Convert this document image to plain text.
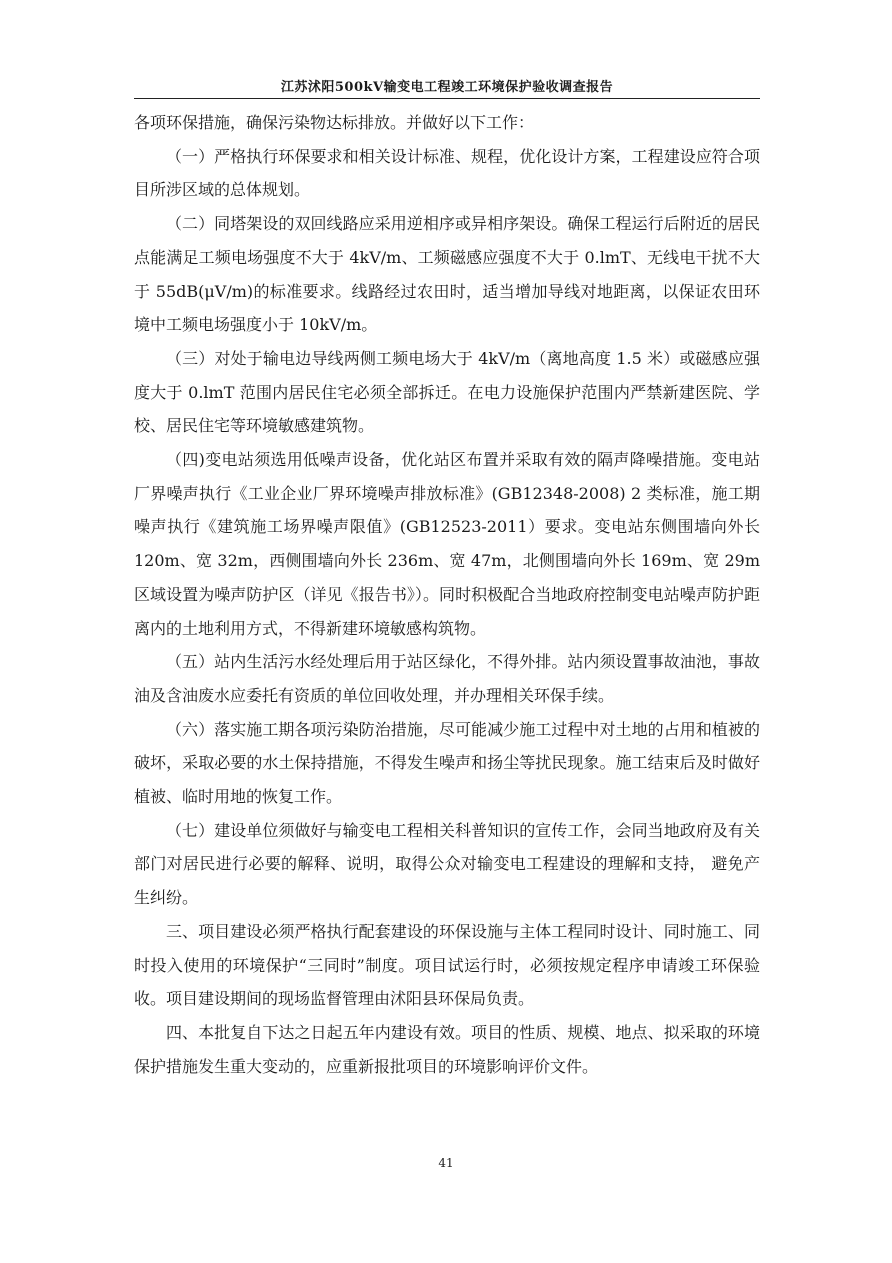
江苏沭阳500kV输变电工程竣工环境保护验收调查报告

各项环保措施，确保污染物达标排放。并做好以下工作：

（一）严格执行环保要求和相关设计标准、规程，优化设计方案，工程建设应符合项目所涉区域的总体规划。

（二）同塔架设的双回线路应采用逆相序或异相序架设。确保工程运行后附近的居民点能满足工频电场强度不大于 4kV/m、工频磁感应强度不大于 0.lmT、无线电干扰不大于 55dB(μV/m)的标准要求。线路经过农田时，适当增加导线对地距离，以保证农田环境中工频电场强度小于 10kV/m。

（三）对处于输电边导线两侧工频电场大于 4kV/m（离地高度 1.5 米）或磁感应强度大于 0.lmT 范围内居民住宅必须全部拆迁。在电力设施保护范围内严禁新建医院、学校、居民住宅等环境敏感建筑物。

（四)变电站须选用低噪声设备，优化站区布置并采取有效的隔声降噪措施。变电站厂界噪声执行《工业企业厂界环境噪声排放标准》(GB12348-2008) 2 类标准，施工期噪声执行《建筑施工场界噪声限值》(GB12523-2011）要求。变电站东侧围墙向外长 120m、宽 32m，西侧围墙向外长 236m、宽 47m，北侧围墙向外长 169m、宽 29m 区域设置为噪声防护区（详见《报告书》）。同时积极配合当地政府控制变电站噪声防护距离内的土地利用方式，不得新建环境敏感构筑物。

（五）站内生活污水经处理后用于站区绿化，不得外排。站内须设置事故油池，事故油及含油废水应委托有资质的单位回收处理，并办理相关环保手续。

（六）落实施工期各项污染防治措施，尽可能减少施工过程中对土地的占用和植被的破坏，采取必要的水土保持措施，不得发生噪声和扬尘等扰民现象。施工结束后及时做好植被、临时用地的恢复工作。

（七）建设单位须做好与输变电工程相关科普知识的宣传工作，会同当地政府及有关部门对居民进行必要的解释、说明，取得公众对输变电工程建设的理解和支持， 避免产生纠纷。

三、项目建设必须严格执行配套建设的环保设施与主体工程同时设计、同时施工、同时投入使用的环境保护“三同时”制度。项目试运行时，必须按规定程序申请竣工环保验收。项目建设期间的现场监督管理由沭阳县环保局负责。

四、本批复自下达之日起五年内建设有效。项目的性质、规模、地点、拟采取的环境保护措施发生重大变动的，应重新报批项目的环境影响评价文件。

41
